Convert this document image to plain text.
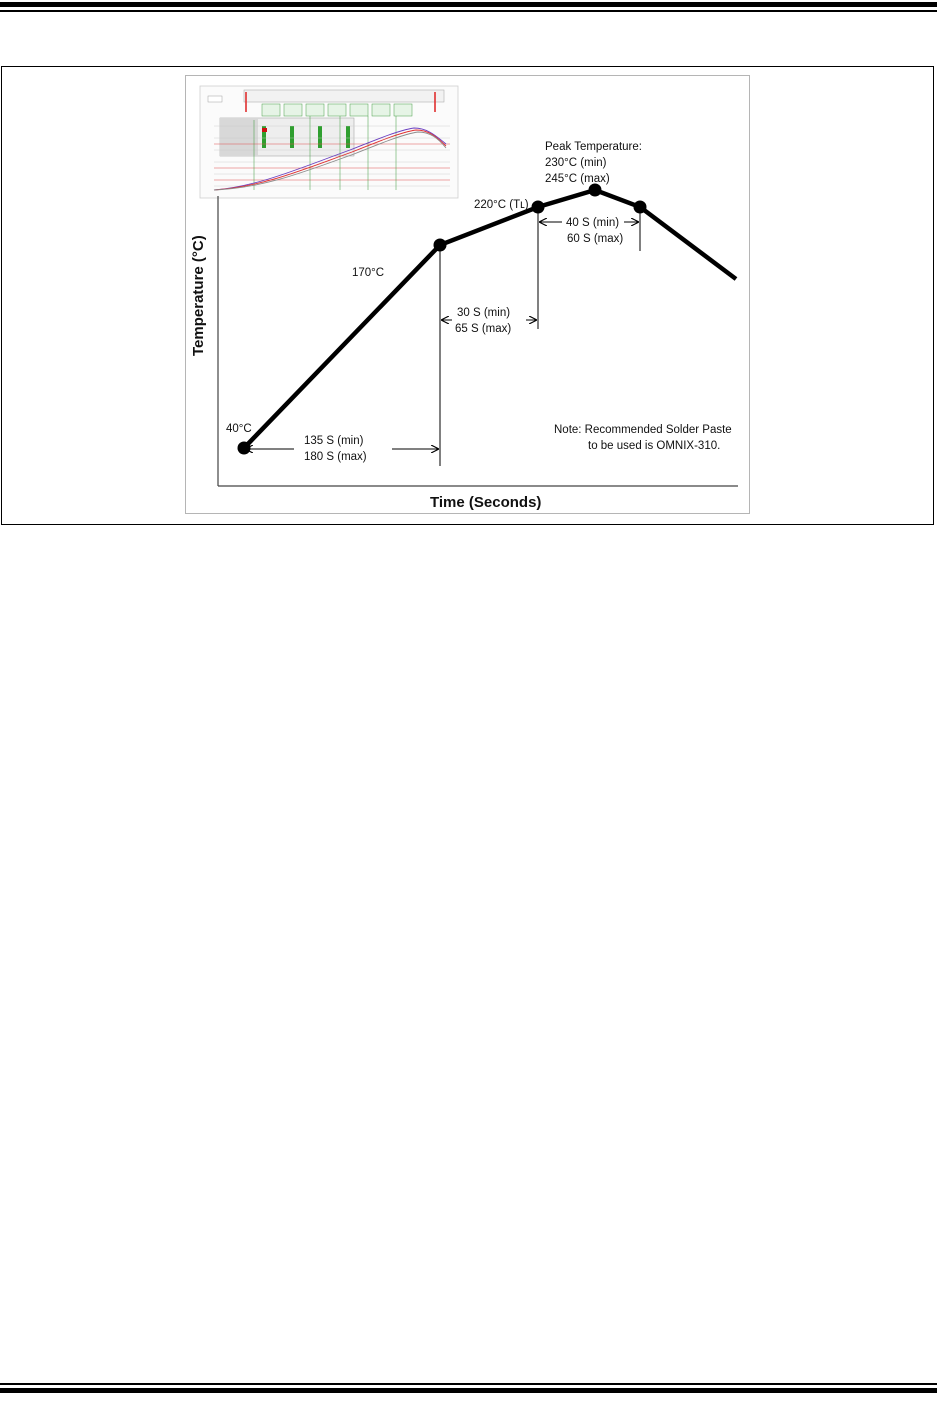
40°C
170°C
220°C (Tʟ)
Peak Temperature:
230°C (min)
245°C (max)
135 S (min)
180 S (max)
30 S (min)
65 S (max)
40 S (min)
60 S (max)
Note: Recommended Solder Paste
to be used is OMNIX-310.
Time (Seconds)
Temperature (°C)
